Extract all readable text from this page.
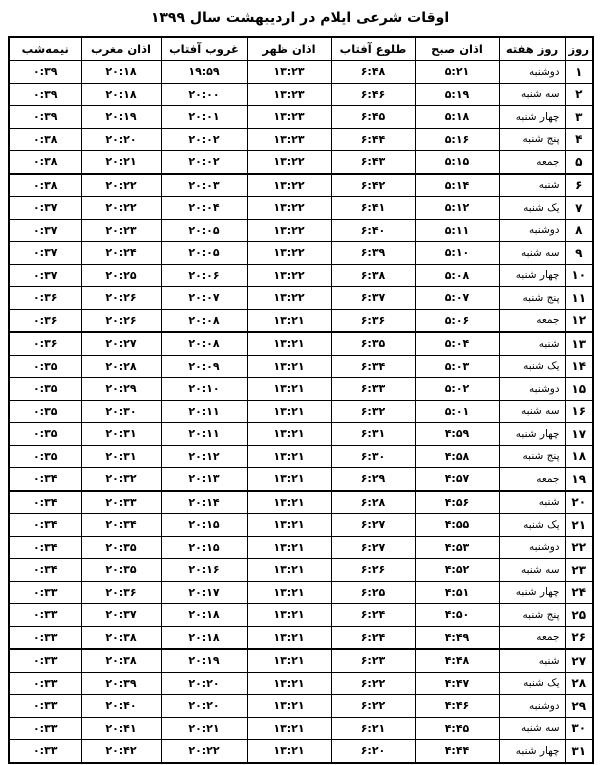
اوقات شرعی ایلام در اردیبهشت سال ۱۳۹۹
روز	روز هفته	اذان صبح	طلوع آفتاب	اذان ظهر	غروب آفتاب	اذان مغرب	نیمه‌شب
۱	دوشنبه	۵:۲۱	۶:۴۸	۱۳:۲۳	۱۹:۵۹	۲۰:۱۸	۰:۳۹
۲	سه شنبه	۵:۱۹	۶:۴۶	۱۳:۲۳	۲۰:۰۰	۲۰:۱۸	۰:۳۹
۳	چهار شنبه	۵:۱۸	۶:۴۵	۱۳:۲۳	۲۰:۰۱	۲۰:۱۹	۰:۳۹
۴	پنج شنبه	۵:۱۶	۶:۴۴	۱۳:۲۳	۲۰:۰۲	۲۰:۲۰	۰:۳۸
۵	جمعه	۵:۱۵	۶:۴۳	۱۳:۲۲	۲۰:۰۲	۲۰:۲۱	۰:۳۸
۶	شنبه	۵:۱۴	۶:۴۲	۱۳:۲۲	۲۰:۰۳	۲۰:۲۲	۰:۳۸
۷	یک شنبه	۵:۱۲	۶:۴۱	۱۳:۲۲	۲۰:۰۴	۲۰:۲۲	۰:۳۷
۸	دوشنبه	۵:۱۱	۶:۴۰	۱۳:۲۲	۲۰:۰۵	۲۰:۲۳	۰:۳۷
۹	سه شنبه	۵:۱۰	۶:۳۹	۱۳:۲۲	۲۰:۰۵	۲۰:۲۴	۰:۳۷
۱۰	چهار شنبه	۵:۰۸	۶:۳۸	۱۳:۲۲	۲۰:۰۶	۲۰:۲۵	۰:۳۷
۱۱	پنج شنبه	۵:۰۷	۶:۳۷	۱۳:۲۲	۲۰:۰۷	۲۰:۲۶	۰:۳۶
۱۲	جمعه	۵:۰۶	۶:۳۶	۱۳:۲۱	۲۰:۰۸	۲۰:۲۶	۰:۳۶
۱۳	شنبه	۵:۰۴	۶:۳۵	۱۳:۲۱	۲۰:۰۸	۲۰:۲۷	۰:۳۶
۱۴	یک شنبه	۵:۰۳	۶:۳۴	۱۳:۲۱	۲۰:۰۹	۲۰:۲۸	۰:۳۵
۱۵	دوشنبه	۵:۰۲	۶:۳۳	۱۳:۲۱	۲۰:۱۰	۲۰:۲۹	۰:۳۵
۱۶	سه شنبه	۵:۰۱	۶:۳۲	۱۳:۲۱	۲۰:۱۱	۲۰:۳۰	۰:۳۵
۱۷	چهار شنبه	۴:۵۹	۶:۳۱	۱۳:۲۱	۲۰:۱۱	۲۰:۳۱	۰:۳۵
۱۸	پنج شنبه	۴:۵۸	۶:۳۰	۱۳:۲۱	۲۰:۱۲	۲۰:۳۱	۰:۳۵
۱۹	جمعه	۴:۵۷	۶:۲۹	۱۳:۲۱	۲۰:۱۳	۲۰:۳۲	۰:۳۴
۲۰	شنبه	۴:۵۶	۶:۲۸	۱۳:۲۱	۲۰:۱۴	۲۰:۳۳	۰:۳۴
۲۱	یک شنبه	۴:۵۵	۶:۲۷	۱۳:۲۱	۲۰:۱۵	۲۰:۳۴	۰:۳۴
۲۲	دوشنبه	۴:۵۳	۶:۲۷	۱۳:۲۱	۲۰:۱۵	۲۰:۳۵	۰:۳۴
۲۳	سه شنبه	۴:۵۲	۶:۲۶	۱۳:۲۱	۲۰:۱۶	۲۰:۳۵	۰:۳۴
۲۴	چهار شنبه	۴:۵۱	۶:۲۵	۱۳:۲۱	۲۰:۱۷	۲۰:۳۶	۰:۳۳
۲۵	پنج شنبه	۴:۵۰	۶:۲۴	۱۳:۲۱	۲۰:۱۸	۲۰:۳۷	۰:۳۳
۲۶	جمعه	۴:۴۹	۶:۲۴	۱۳:۲۱	۲۰:۱۸	۲۰:۳۸	۰:۳۳
۲۷	شنبه	۴:۴۸	۶:۲۳	۱۳:۲۱	۲۰:۱۹	۲۰:۳۸	۰:۳۳
۲۸	یک شنبه	۴:۴۷	۶:۲۲	۱۳:۲۱	۲۰:۲۰	۲۰:۳۹	۰:۳۳
۲۹	دوشنبه	۴:۴۶	۶:۲۲	۱۳:۲۱	۲۰:۲۰	۲۰:۴۰	۰:۳۳
۳۰	سه شنبه	۴:۴۵	۶:۲۱	۱۳:۲۱	۲۰:۲۱	۲۰:۴۱	۰:۳۳
۳۱	چهار شنبه	۴:۴۴	۶:۲۰	۱۳:۲۱	۲۰:۲۲	۲۰:۴۲	۰:۳۳
